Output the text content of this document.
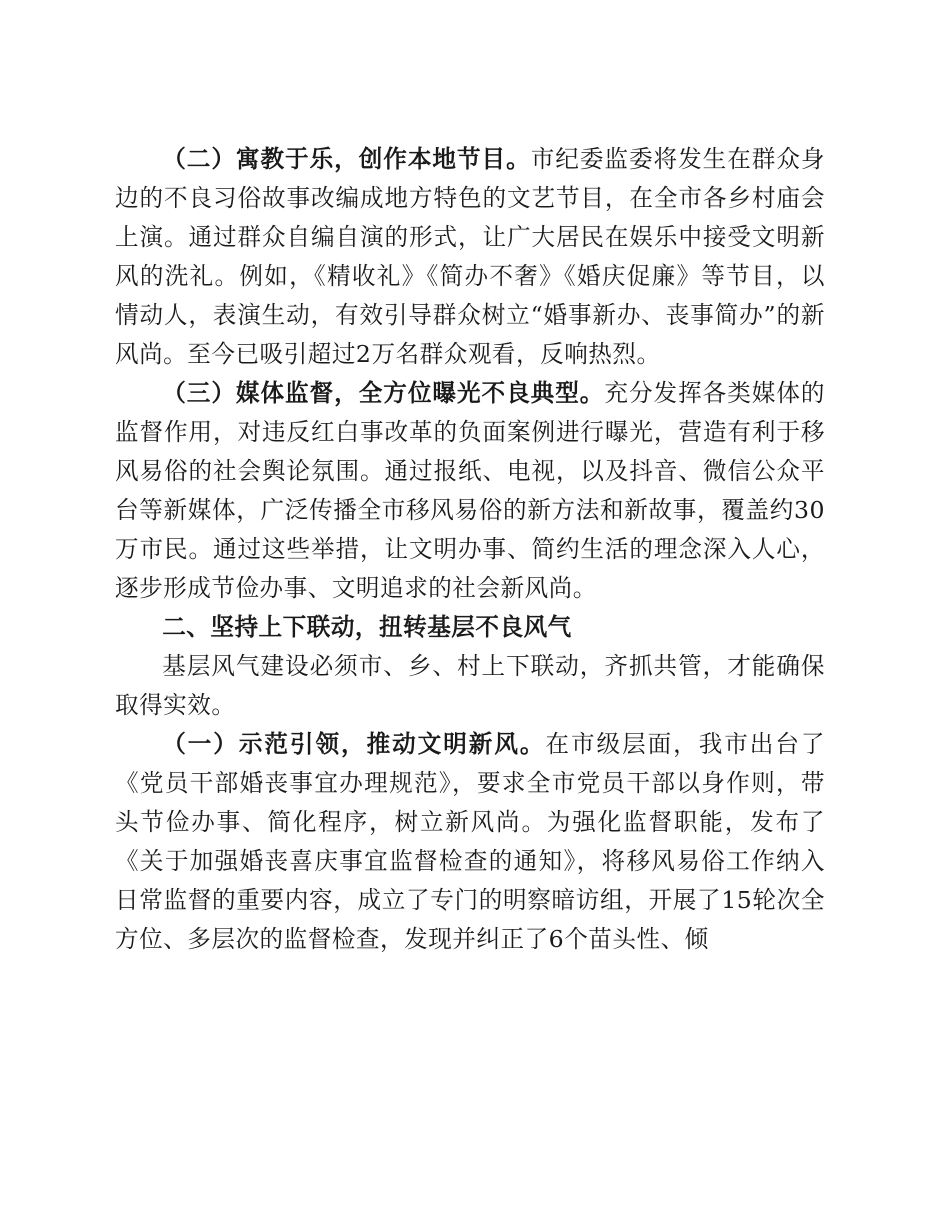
（二）寓教于乐，创作本地节目。市纪委监委将发生在群众身边的不良习俗故事改编成地方特色的文艺节目，在全市各乡村庙会上演。通过群众自编自演的形式，让广大居民在娱乐中接受文明新风的洗礼。例如，《精收礼》《简办不奢》《婚庆促廉》等节目，以情动人，表演生动，有效引导群众树立“婚事新办、丧事简办”的新风尚。至今已吸引超过2万名群众观看，反响热烈。

（三）媒体监督，全方位曝光不良典型。充分发挥各类媒体的监督作用，对违反红白事改革的负面案例进行曝光，营造有利于移风易俗的社会舆论氛围。通过报纸、电视，以及抖音、微信公众平台等新媒体，广泛传播全市移风易俗的新方法和新故事，覆盖约30万市民。通过这些举措，让文明办事、简约生活的理念深入人心，逐步形成节俭办事、文明追求的社会新风尚。

二、坚持上下联动，扭转基层不良风气

基层风气建设必须市、乡、村上下联动，齐抓共管，才能确保取得实效。

（一）示范引领，推动文明新风。在市级层面，我市出台了《党员干部婚丧事宜办理规范》，要求全市党员干部以身作则，带头节俭办事、简化程序，树立新风尚。为强化监督职能，发布了《关于加强婚丧喜庆事宜监督检查的通知》，将移风易俗工作纳入日常监督的重要内容，成立了专门的明察暗访组，开展了15轮次全方位、多层次的监督检查，发现并纠正了6个苗头性、倾
